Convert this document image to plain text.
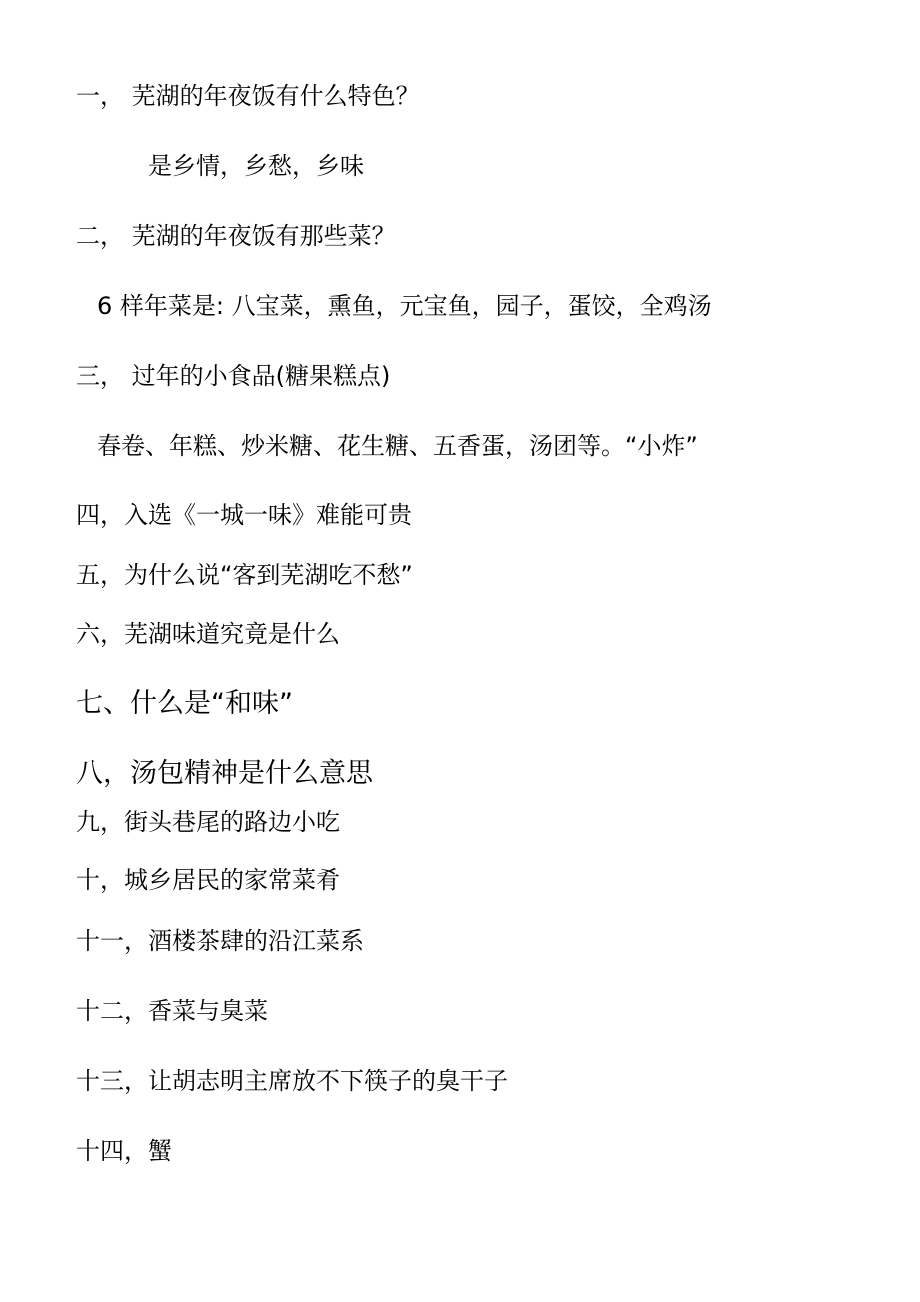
一， 芜湖的年夜饭有什么特色？
是乡情，乡愁，乡味
二， 芜湖的年夜饭有那些菜？
6 样年菜是: 八宝菜，熏鱼，元宝鱼，园子，蛋饺，全鸡汤
三， 过年的小食品(糖果糕点)
春卷、年糕、炒米糖、花生糖、五香蛋，汤团等。“小炸”
四，入选《一城一味》难能可贵
五，为什么说“客到芜湖吃不愁”
六，芜湖味道究竟是什么
七、什么是“和味”
八，汤包精神是什么意思
九，街头巷尾的路边小吃
十，城乡居民的家常菜肴
十一，酒楼茶肆的沿江菜系
十二，香菜与臭菜
十三，让胡志明主席放不下筷子的臭干子
十四，蟹
